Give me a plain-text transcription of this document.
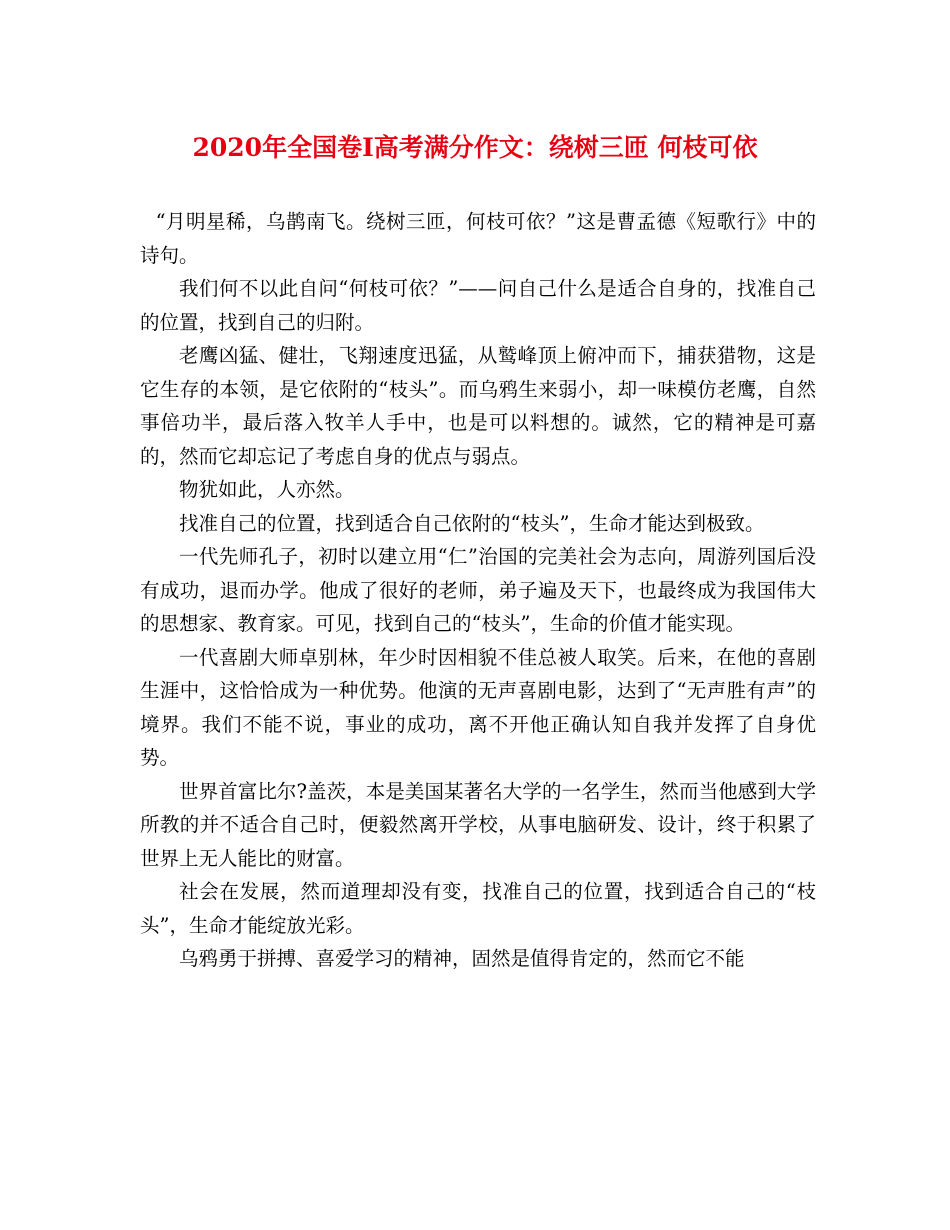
2020年全国卷Ⅰ高考满分作文：绕树三匝 何枝可依

“月明星稀，乌鹊南飞。绕树三匝，何枝可依？”这是曹孟德《短歌行》中的诗句。

我们何不以此自问“何枝可依？”——问自己什么是适合自身的，找准自己的位置，找到自己的归附。

老鹰凶猛、健壮，飞翔速度迅猛，从鹫峰顶上俯冲而下，捕获猎物，这是它生存的本领，是它依附的“枝头”。而乌鸦生来弱小，却一味模仿老鹰，自然事倍功半，最后落入牧羊人手中，也是可以料想的。诚然，它的精神是可嘉的，然而它却忘记了考虑自身的优点与弱点。

物犹如此，人亦然。

找准自己的位置，找到适合自己依附的“枝头”，生命才能达到极致。

一代先师孔子，初时以建立用“仁”治国的完美社会为志向，周游列国后没有成功，退而办学。他成了很好的老师，弟子遍及天下，也最终成为我国伟大的思想家、教育家。可见，找到自己的“枝头”，生命的价值才能实现。

一代喜剧大师卓别林，年少时因相貌不佳总被人取笑。后来，在他的喜剧生涯中，这恰恰成为一种优势。他演的无声喜剧电影，达到了“无声胜有声”的境界。我们不能不说，事业的成功，离不开他正确认知自我并发挥了自身优势。

世界首富比尔?盖茨，本是美国某著名大学的一名学生，然而当他感到大学所教的并不适合自己时，便毅然离开学校，从事电脑研发、设计，终于积累了世界上无人能比的财富。

社会在发展，然而道理却没有变，找准自己的位置，找到适合自己的“枝头”，生命才能绽放光彩。

乌鸦勇于拼搏、喜爱学习的精神，固然是值得肯定的，然而它不能
